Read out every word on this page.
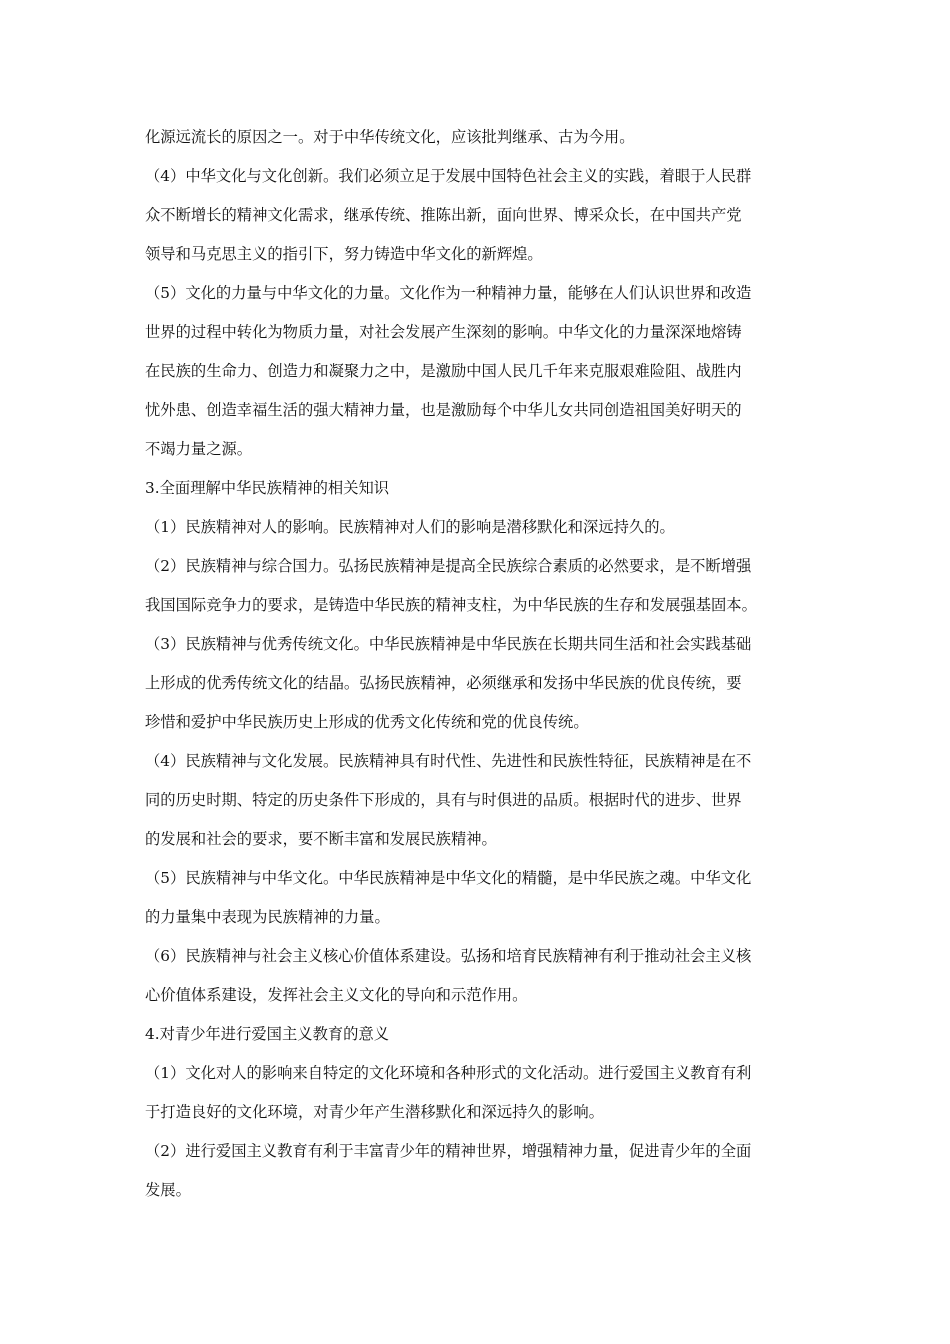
化源远流长的原因之一。对于中华传统文化，应该批判继承、古为今用。
（4）中华文化与文化创新。我们必须立足于发展中国特色社会主义的实践，着眼于人民群
众不断增长的精神文化需求，继承传统、推陈出新，面向世界、博采众长，在中国共产党
领导和马克思主义的指引下，努力铸造中华文化的新辉煌。
（5）文化的力量与中华文化的力量。文化作为一种精神力量，能够在人们认识世界和改造
世界的过程中转化为物质力量，对社会发展产生深刻的影响。中华文化的力量深深地熔铸
在民族的生命力、创造力和凝聚力之中，是激励中国人民几千年来克服艰难险阻、战胜内
忧外患、创造幸福生活的强大精神力量，也是激励每个中华儿女共同创造祖国美好明天的
不竭力量之源。
3.全面理解中华民族精神的相关知识
（1）民族精神对人的影响。民族精神对人们的影响是潜移默化和深远持久的。
（2）民族精神与综合国力。弘扬民族精神是提高全民族综合素质的必然要求，是不断增强
我国国际竞争力的要求，是铸造中华民族的精神支柱，为中华民族的生存和发展强基固本。
（3）民族精神与优秀传统文化。中华民族精神是中华民族在长期共同生活和社会实践基础
上形成的优秀传统文化的结晶。弘扬民族精神，必须继承和发扬中华民族的优良传统，要
珍惜和爱护中华民族历史上形成的优秀文化传统和党的优良传统。
（4）民族精神与文化发展。民族精神具有时代性、先进性和民族性特征，民族精神是在不
同的历史时期、特定的历史条件下形成的，具有与时俱进的品质。根据时代的进步、世界
的发展和社会的要求，要不断丰富和发展民族精神。
（5）民族精神与中华文化。中华民族精神是中华文化的精髓，是中华民族之魂。中华文化
的力量集中表现为民族精神的力量。
（6）民族精神与社会主义核心价值体系建设。弘扬和培育民族精神有利于推动社会主义核
心价值体系建设，发挥社会主义文化的导向和示范作用。
4.对青少年进行爱国主义教育的意义
（1）文化对人的影响来自特定的文化环境和各种形式的文化活动。进行爱国主义教育有利
于打造良好的文化环境，对青少年产生潜移默化和深远持久的影响。
（2）进行爱国主义教育有利于丰富青少年的精神世界，增强精神力量，促进青少年的全面
发展。
